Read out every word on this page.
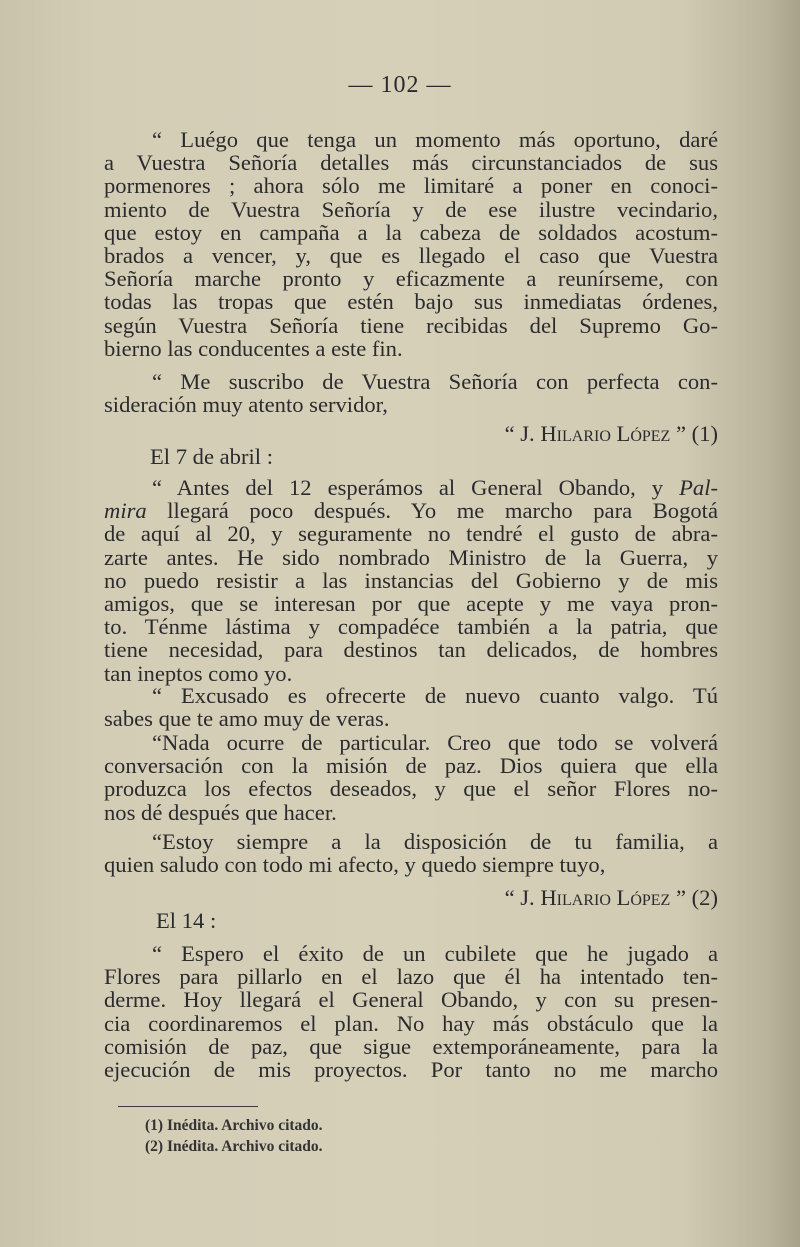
— 102 —
“ Luégo que tenga un momento más oportuno, daré
a Vuestra Señoría detalles más circunstanciados de sus
pormenores ; ahora sólo me limitaré a poner en conoci-
miento de Vuestra Señoría y de ese ilustre vecindario,
que estoy en campaña a la cabeza de soldados acostum-
brados a vencer, y, que es llegado el caso que Vuestra
Señoría marche pronto y eficazmente a reunírseme, con
todas las tropas que estén bajo sus inmediatas órdenes,
según Vuestra Señoría tiene recibidas del Supremo Go-
bierno las conducentes a este fin.
“ Me suscribo de Vuestra Señoría con perfecta con-
sideración muy atento servidor,
“ J. Hilario López ” (1)
El 7 de abril :
“ Antes del 12 esperámos al General Obando, y Pal-
mira llegará poco después. Yo me marcho para Bogotá
de aquí al 20, y seguramente no tendré el gusto de abra-
zarte antes. He sido nombrado Ministro de la Guerra, y
no puedo resistir a las instancias del Gobierno y de mis
amigos, que se interesan por que acepte y me vaya pron-
to. Ténme lástima y compadéce también a la patria, que
tiene necesidad, para destinos tan delicados, de hombres
tan ineptos como yo.
“ Excusado es ofrecerte de nuevo cuanto valgo. Tú
sabes que te amo muy de veras.
“Nada ocurre de particular. Creo que todo se volverá
conversación con la misión de paz. Dios quiera que ella
produzca los efectos deseados, y que el señor Flores no-
nos dé después que hacer.
“Estoy siempre a la disposición de tu familia, a
quien saludo con todo mi afecto, y quedo siempre tuyo,
“ J. Hilario López ” (2)
El 14 :
“ Espero el éxito de un cubilete que he jugado a
Flores para pillarlo en el lazo que él ha intentado ten-
derme. Hoy llegará el General Obando, y con su presen-
cia coordinaremos el plan. No hay más obstáculo que la
comisión de paz, que sigue extemporáneamente, para la
ejecución de mis proyectos. Por tanto no me marcho
(1) Inédita. Archivo citado.
(2) Inédita. Archivo citado.
